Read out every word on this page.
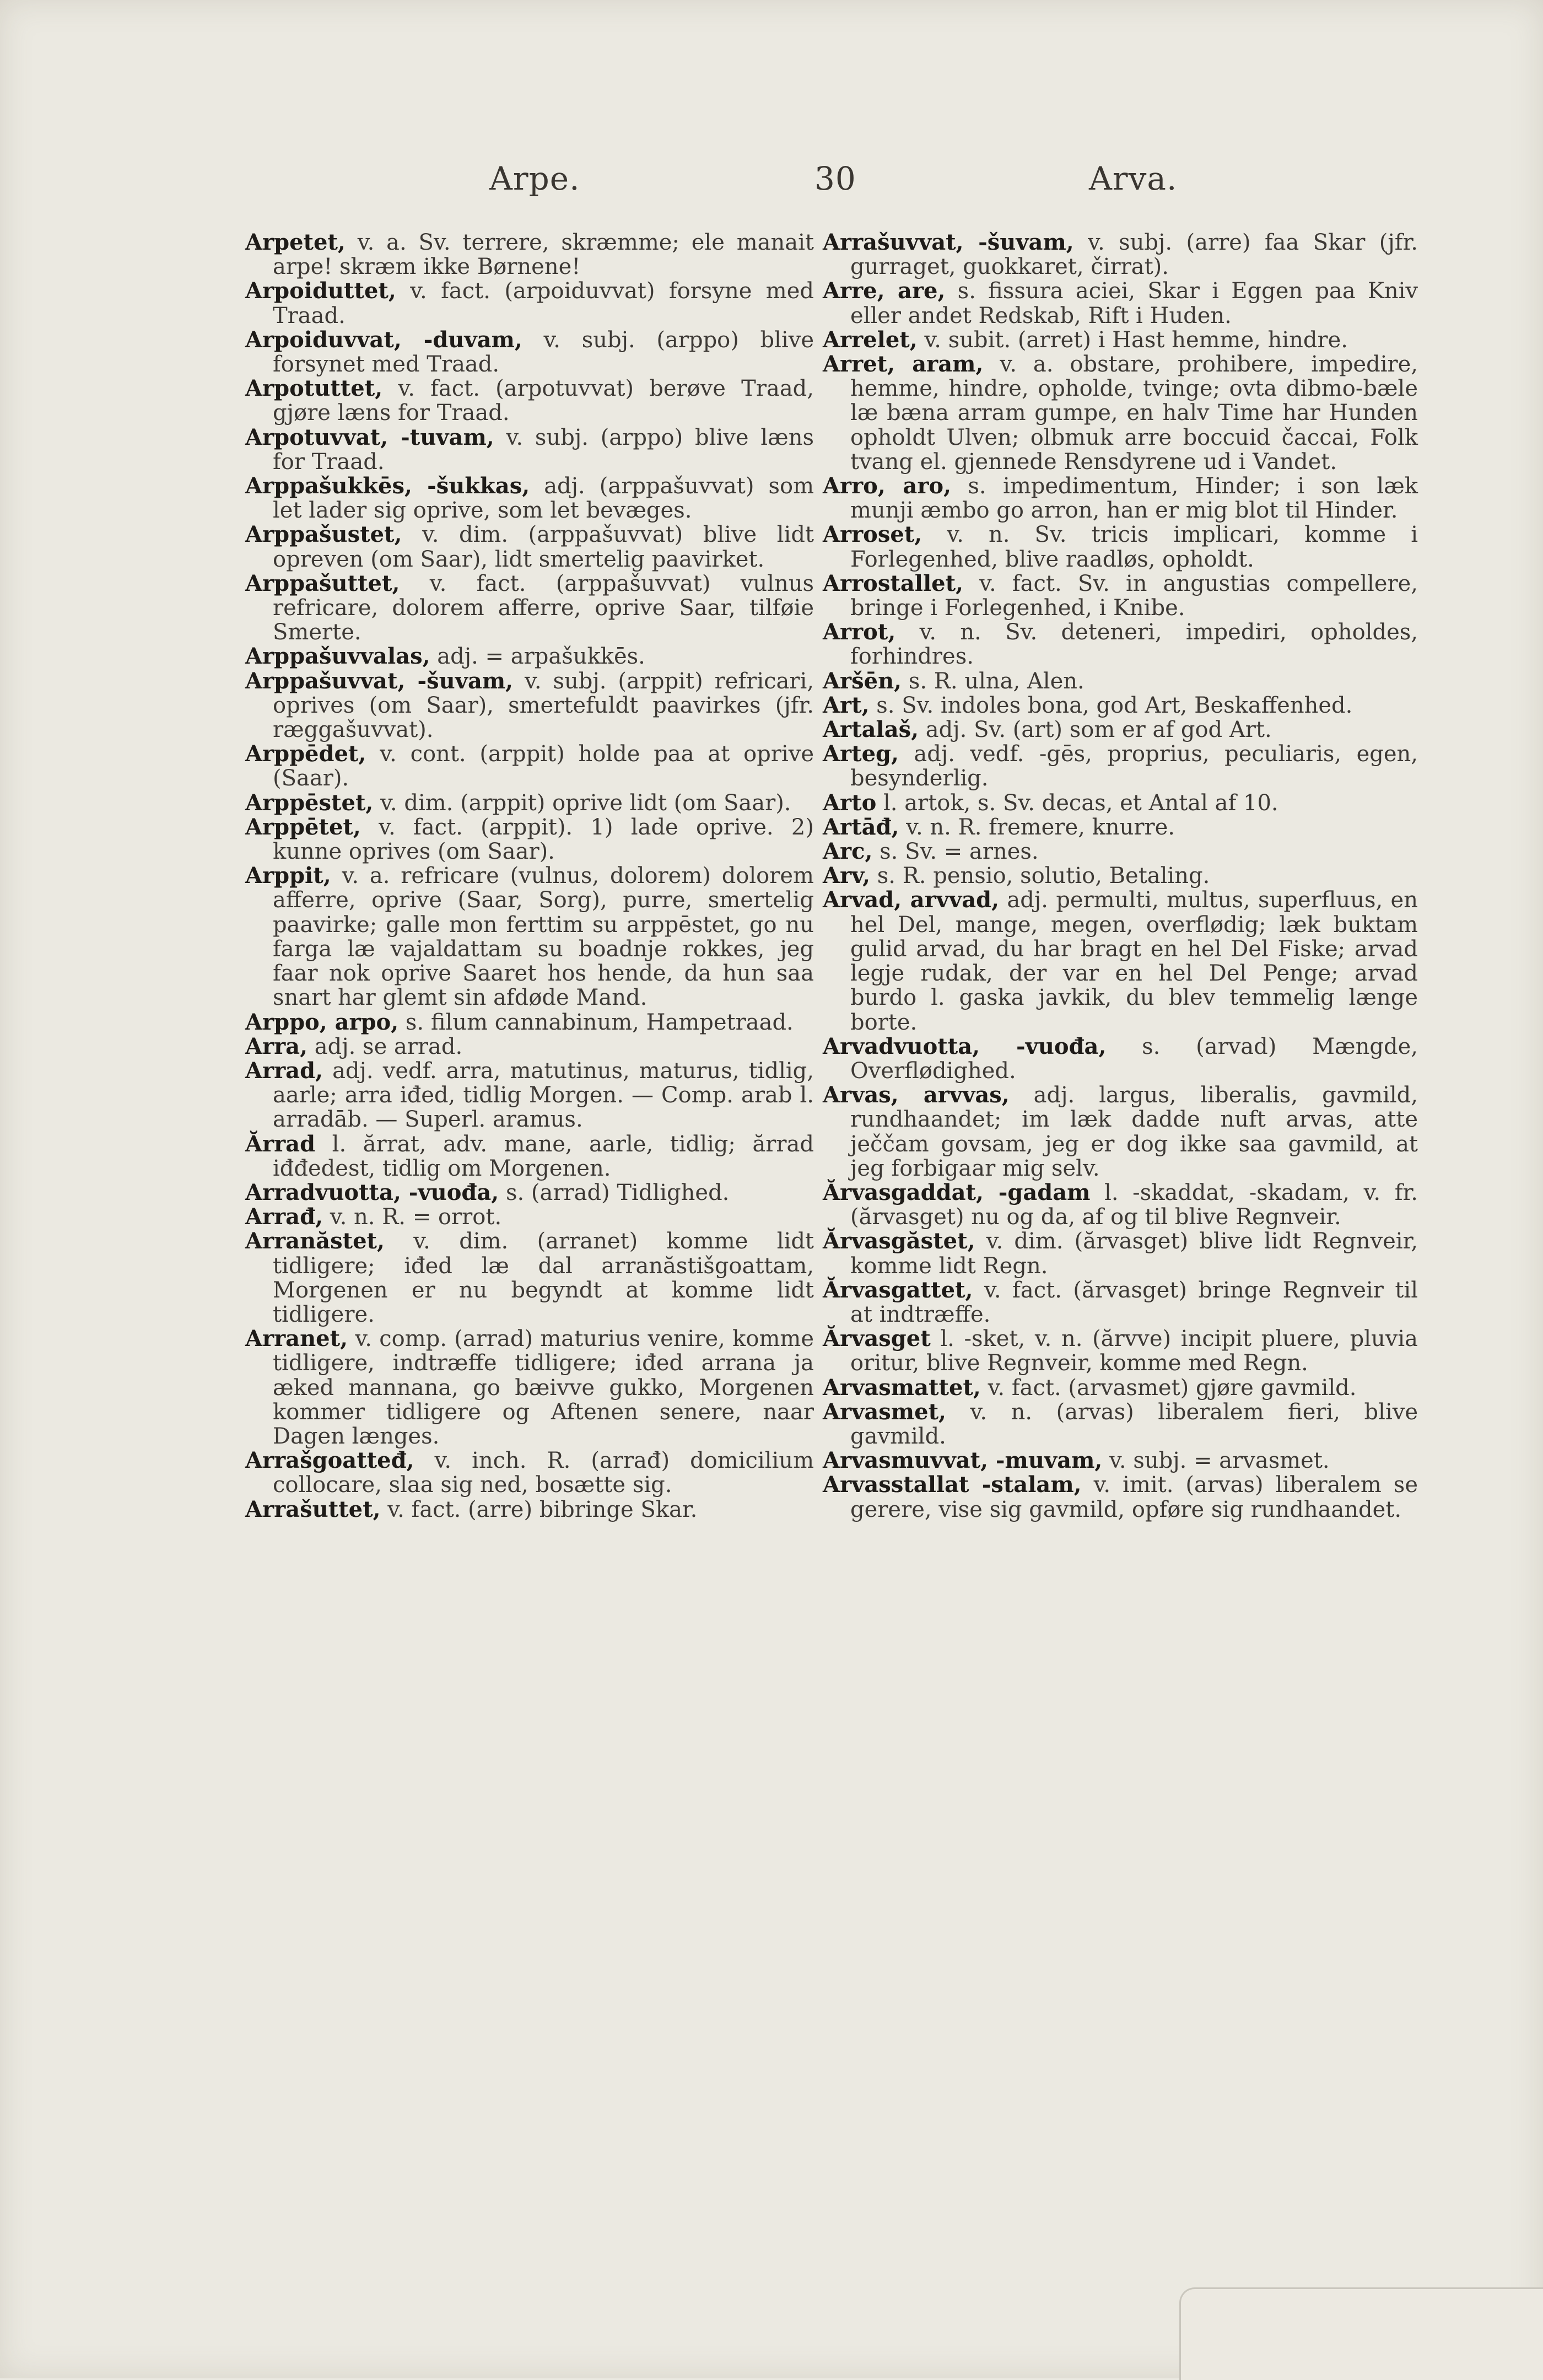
Arpe.	30	Arva.

Arpetet, v. a. Sv. terrere, skræmme; ele manait arpe! skræm ikke Børnene!

Arpoiduttet, v. fact. (arpoiduvvat) forsyne med Traad.

Arpoiduvvat, -duvam, v. subj. (arppo) blive forsynet med Traad.

Arpotuttet, v. fact. (arpotuvvat) berøve Traad, gjøre læns for Traad.

Arpotuvvat, -tuvam, v. subj. (arppo) blive læns for Traad.

Arppašukkēs, -šukkas, adj. (arppašuvvat) som let lader sig oprive, som let bevæges.

Arppašustet, v. dim. (arppašuvvat) blive lidt opreven (om Saar), lidt smertelig paavirket.

Arppašuttet, v. fact. (arppašuvvat) vulnus refricare, dolorem afferre, oprive Saar, tilføie Smerte.

Arppašuvvalas, adj. = arpašukkēs.

Arppašuvvat, -šuvam, v. subj. (arppit) refricari, oprives (om Saar), smertefuldt paavirkes (jfr. ræggašuvvat).

Arppēdet, v. cont. (arppit) holde paa at oprive (Saar).

Arppēstet, v. dim. (arppit) oprive lidt (om Saar).

Arppētet, v. fact. (arppit). 1) lade oprive. 2) kunne oprives (om Saar).

Arppit, v. a. refricare (vulnus, dolorem) dolorem afferre, oprive (Saar, Sorg), purre, smertelig paavirke; galle mon ferttim su arppēstet, go nu farga læ vajaldattam su boadnje rokkes, jeg faar nok oprive Saaret hos hende, da hun saa snart har glemt sin afdøde Mand.

Arppo, arpo, s. filum cannabinum, Hampetraad.

Arra, adj. se arrad.

Arrad, adj. vedf. arra, matutinus, maturus, tidlig, aarle; arra iđed, tidlig Morgen. — Comp. arab l. arradāb. — Superl. aramus.

Ărrad l. ărrat, adv. mane, aarle, tidlig; ărrad iđđedest, tidlig om Morgenen.

Arradvuotta, -vuođa, s. (arrad) Tidlighed.

Arrađ, v. n. R. = orrot.

Arranăstet, v. dim. (arranet) komme lidt tidligere; iđed læ dal arranăstišgoattam, Morgenen er nu begyndt at komme lidt tidligere.

Arranet, v. comp. (arrad) maturius venire, komme tidligere, indtræffe tidligere; iđed arrana ja æked mannana, go bæivve gukko, Morgenen kommer tidligere og Aftenen senere, naar Dagen længes.

Arrašgoatteđ, v. inch. R. (arrađ) domicilium collocare, slaa sig ned, bosætte sig.

Arrašuttet, v. fact. (arre) bibringe Skar.

Arrašuvvat, -šuvam, v. subj. (arre) faa Skar (jfr. gurraget, guokkaret, čirrat).

Arre, are, s. fissura aciei, Skar i Eggen paa Kniv eller andet Redskab, Rift i Huden.

Arrelet, v. subit. (arret) i Hast hemme, hindre.

Arret, aram, v. a. obstare, prohibere, impedire, hemme, hindre, opholde, tvinge; ovta dibmo-bæle læ bæna arram gumpe, en halv Time har Hunden opholdt Ulven; olbmuk arre boccuid čaccai, Folk tvang el. gjennede Rensdyrene ud i Vandet.

Arro, aro, s. impedimentum, Hinder; i son læk munji æmbo go arron, han er mig blot til Hinder.

Arroset, v. n. Sv. tricis implicari, komme i Forlegenhed, blive raadløs, opholdt.

Arrostallet, v. fact. Sv. in angustias compellere, bringe i Forlegenhed, i Knibe.

Arrot, v. n. Sv. deteneri, impediri, opholdes, forhindres.

Aršēn, s. R. ulna, Alen.

Art, s. Sv. indoles bona, god Art, Beskaffenhed.

Artalaš, adj. Sv. (art) som er af god Art.

Arteg, adj. vedf. -gēs, proprius, peculiaris, egen, besynderlig.

Arto l. artok, s. Sv. decas, et Antal af 10.

Artāđ, v. n. R. fremere, knurre.

Arc, s. Sv. = arnes.

Arv, s. R. pensio, solutio, Betaling.

Arvad, arvvad, adj. permulti, multus, superfluus, en hel Del, mange, megen, overflødig; læk buktam gulid arvad, du har bragt en hel Del Fiske; arvad legje rudak, der var en hel Del Penge; arvad burdo l. gaska javkik, du blev temmelig længe borte.

Arvadvuotta, -vuođa, s. (arvad) Mængde, Overflødighed.

Arvas, arvvas, adj. largus, liberalis, gavmild, rundhaandet; im læk dadde nuft arvas, atte ječčam govsam, jeg er dog ikke saa gavmild, at jeg forbigaar mig selv.

Ărvasgaddat, -gadam l. -skaddat, -skadam, v. fr. (ărvasget) nu og da, af og til blive Regnveir.

Ărvasgăstet, v. dim. (ărvasget) blive lidt Regnveir, komme lidt Regn.

Ărvasgattet, v. fact. (ărvasget) bringe Regnveir til at indtræffe.

Ărvasget l. -sket, v. n. (ărvve) incipit pluere, pluvia oritur, blive Regnveir, komme med Regn.

Arvasmattet, v. fact. (arvasmet) gjøre gavmild.

Arvasmet, v. n. (arvas) liberalem fieri, blive gavmild.

Arvasmuvvat, -muvam, v. subj. = arvasmet.

Arvasstallat -stalam, v. imit. (arvas) liberalem se gerere, vise sig gavmild, opføre sig rundhaandet.
